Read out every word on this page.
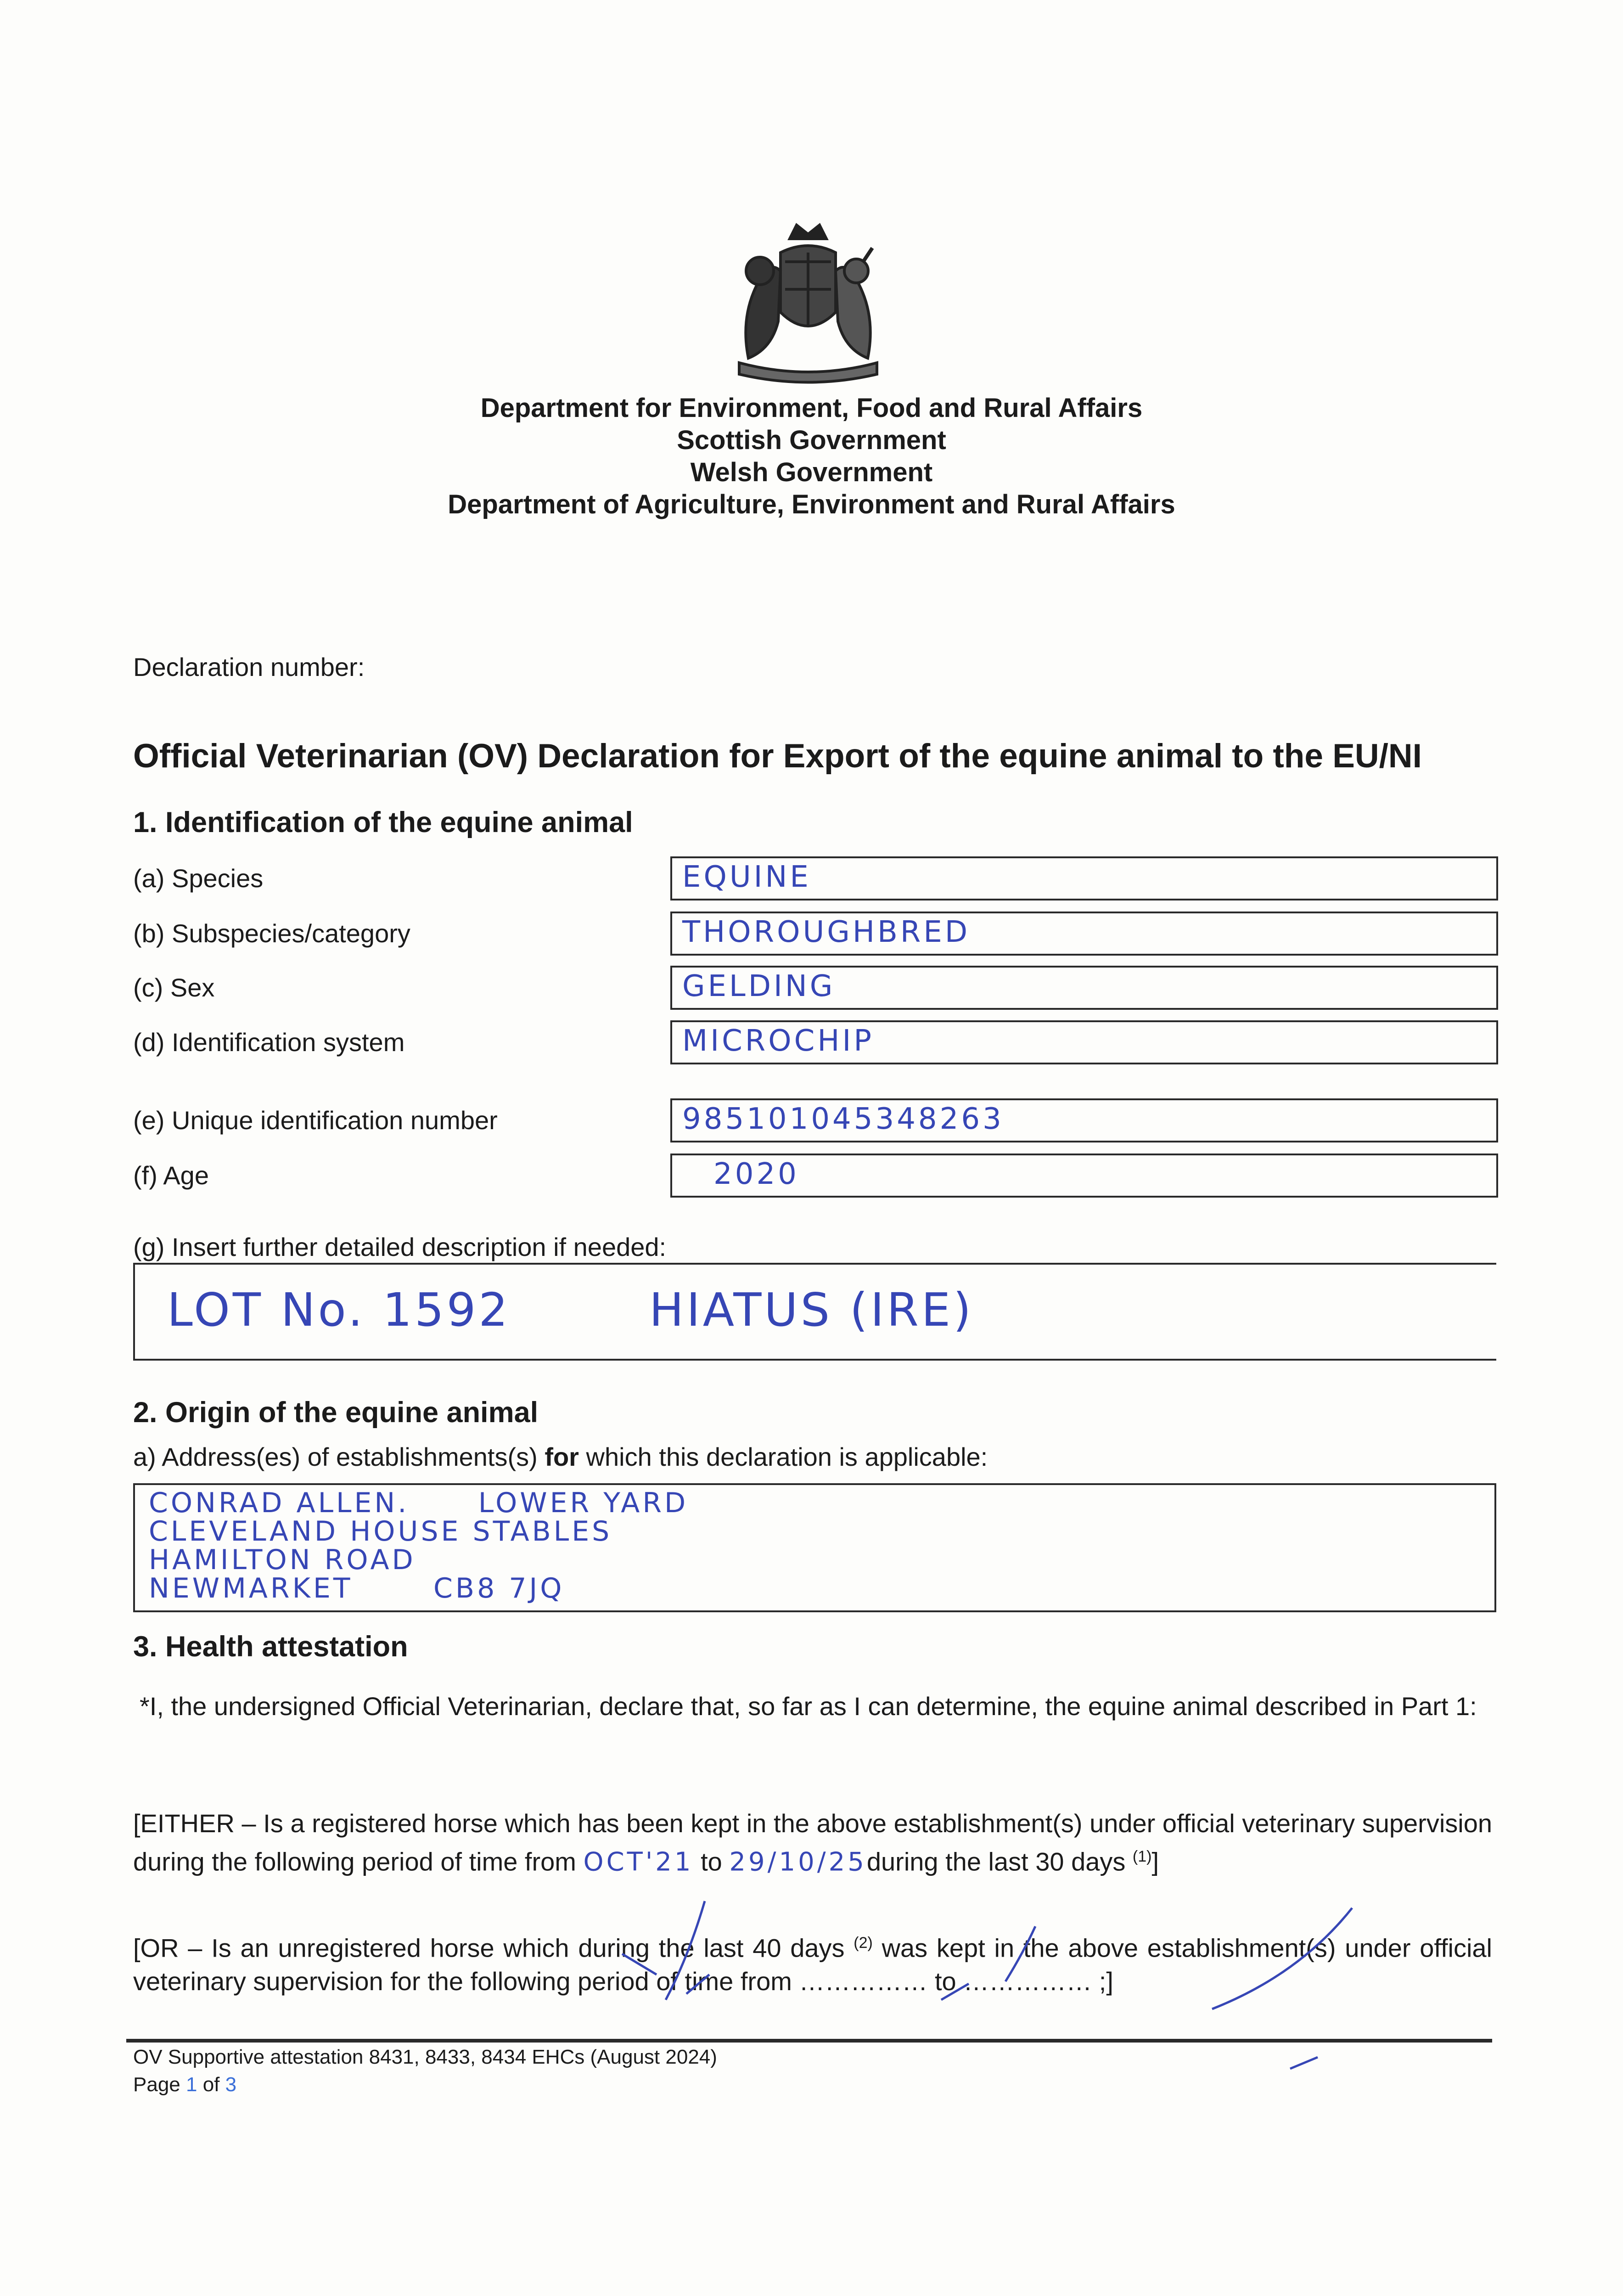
Department for Environment, Food and Rural Affairs
Scottish Government
Welsh Government
Department of Agriculture, Environment and Rural Affairs
Declaration number:
Official Veterinarian (OV) Declaration for Export of the equine animal to the EU/NI
1. Identification of the equine animal
(a) Species	EQUINE
(b) Subspecies/category	THOROUGHBRED
(c) Sex	GELDING
(d) Identification system	MICROCHIP
(e) Unique identification number	985101045348263
(f) Age	2020
(g) Insert further detailed description if needed:
LOT No. 1592	HIATUS (IRE)
2. Origin of the equine animal
a) Address(es) of establishments(s) for which this declaration is applicable:
CONRAD ALLEN.      LOWER YARD
CLEVELAND HOUSE STABLES
HAMILTON ROAD
NEWMARKET       CB8 7JQ
3. Health attestation
*I, the undersigned Official Veterinarian, declare that, so far as I can determine, the equine animal described in Part 1:
[EITHER – Is a registered horse which has been kept in the above establishment(s) under official veterinary supervision during the following period of time from OCT'21 to 29/10/25during the last 30 days $^{(1)}$]
[OR – Is an unregistered horse which during the last 40 days $^{(2)}$ was kept in the above establishment(s) under official veterinary supervision for the following period of time from …………… to …………… ;]
OV Supportive attestation 8431, 8433, 8434 EHCs (August 2024)
Page 1 of 3
